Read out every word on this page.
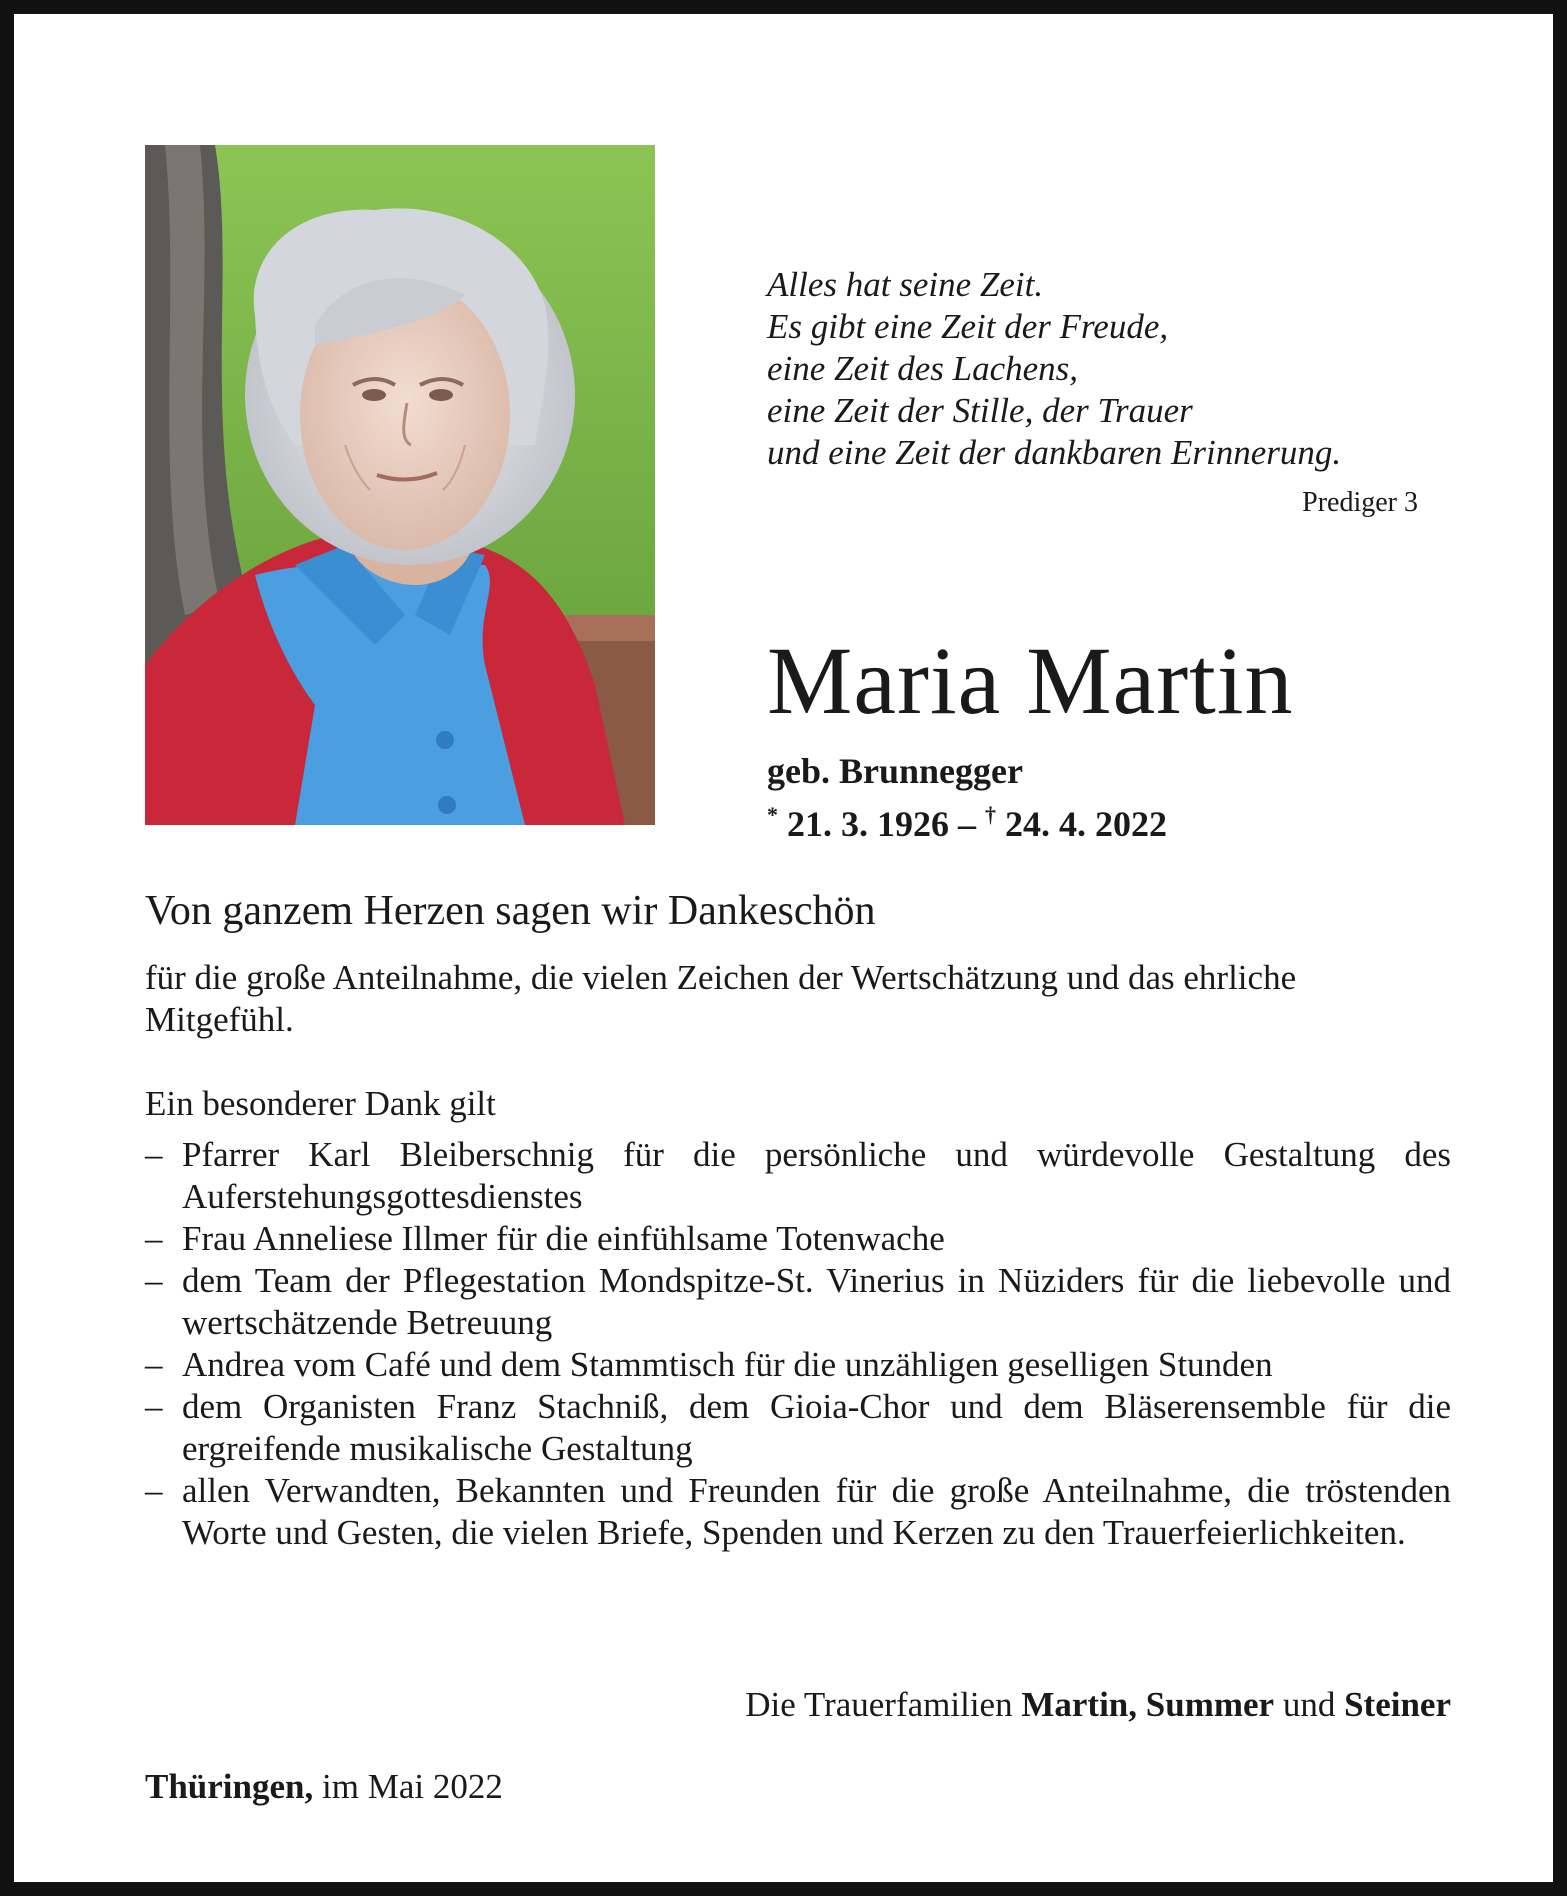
Alles hat seine Zeit.
Es gibt eine Zeit der Freude,
eine Zeit des Lachens,
eine Zeit der Stille, der Trauer
und eine Zeit der dankbaren Erinnerung.
Prediger 3
Maria Martin
geb. Brunnegger
* 21. 3. 1926 – † 24. 4. 2022
Von ganzem Herzen sagen wir Dankeschön
für die große Anteilnahme, die vielen Zeichen der Wertschätzung und das ehrliche Mitgefühl.
Ein besonderer Dank gilt
– Pfarrer Karl Bleiberschnig für die persönliche und würdevolle Gestaltung des Auferstehungsgottesdienstes
– Frau Anneliese Illmer für die einfühlsame Totenwache
– dem Team der Pflegestation Mondspitze-St. Vinerius in Nüziders für die liebevolle und wertschätzende Betreuung
– Andrea vom Café und dem Stammtisch für die unzähligen geselligen Stunden
– dem Organisten Franz Stachniß, dem Gioia-Chor und dem Bläserensemble für die ergreifende musikalische Gestaltung
– allen Verwandten, Bekannten und Freunden für die große Anteilnahme, die tröstenden Worte und Gesten, die vielen Briefe, Spenden und Kerzen zu den Trauerfeierlichkeiten.
Die Trauerfamilien Martin, Summer und Steiner
Thüringen, im Mai 2022
